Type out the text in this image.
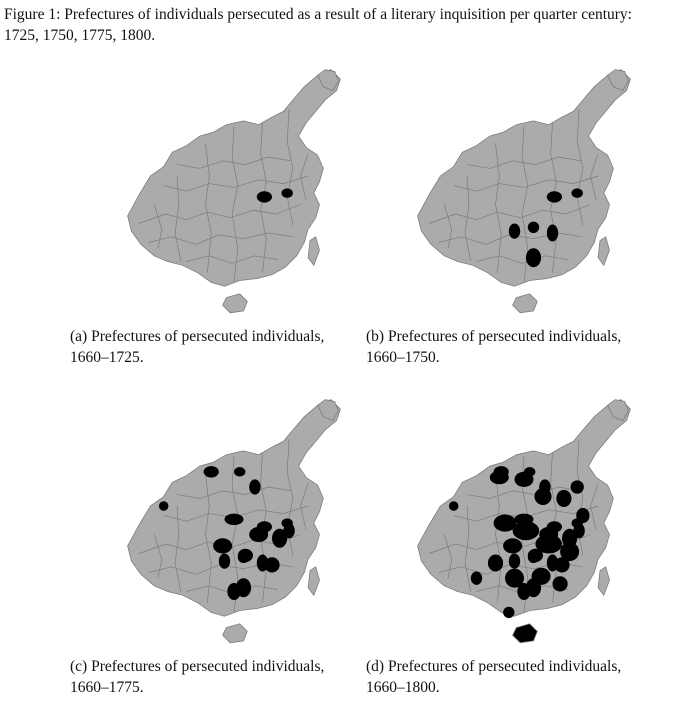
Figure 1: Prefectures of individuals persecuted as a result of a literary inquisition per quarter century:
1725, 1750, 1775, 1800.
(a) Prefectures of persecuted individuals,
1660–1725.
(b) Prefectures of persecuted individuals,
1660–1750.
(c) Prefectures of persecuted individuals,
1660–1775.
(d) Prefectures of persecuted individuals,
1660–1800.
